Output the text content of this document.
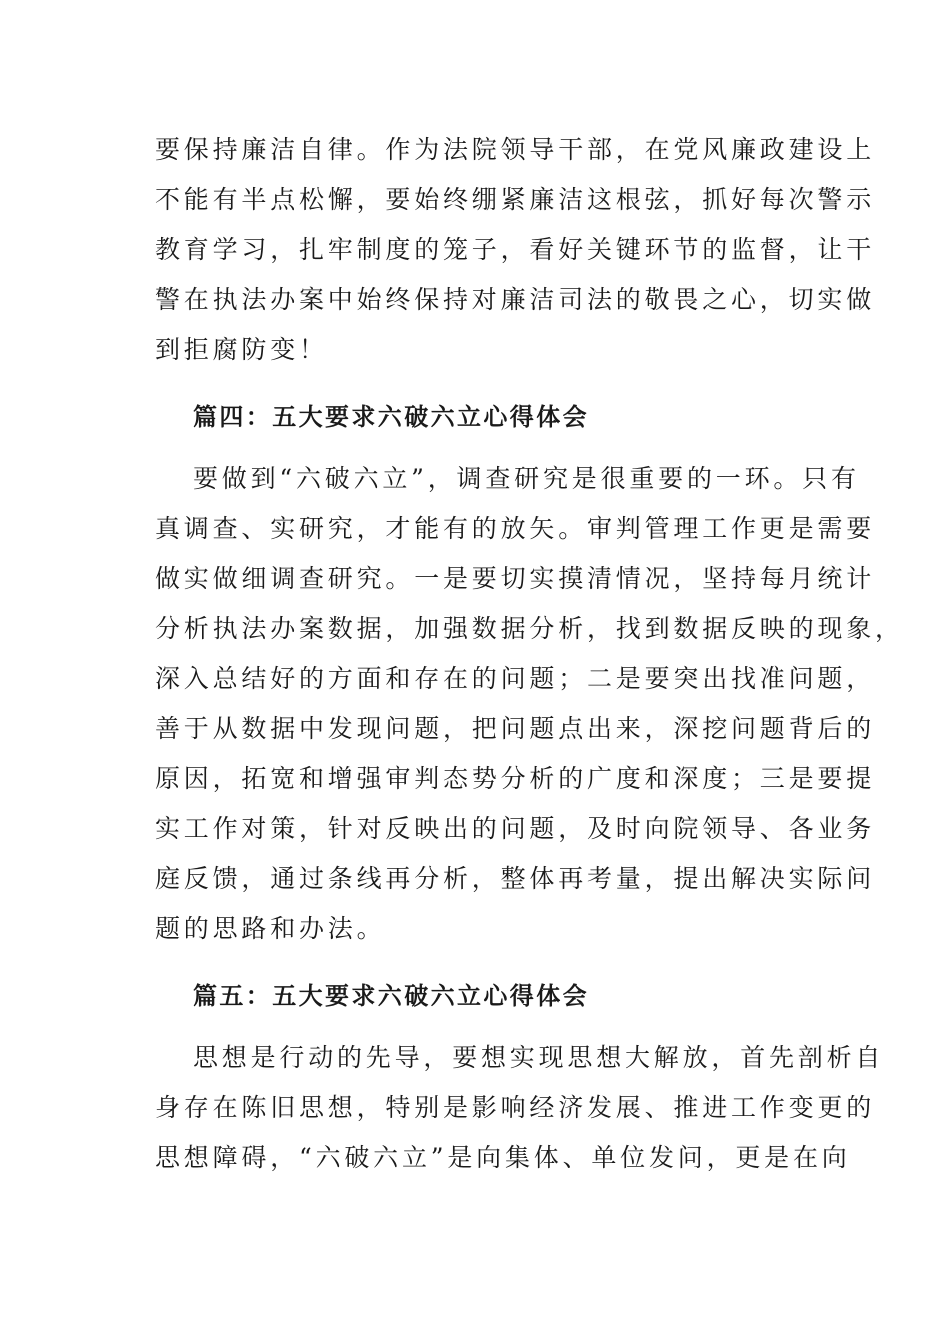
要保持廉洁自律。作为法院领导干部，在党风廉政建设上
不能有半点松懈，要始终绷紧廉洁这根弦，抓好每次警示
教育学习，扎牢制度的笼子，看好关键环节的监督，让干
警在执法办案中始终保持对廉洁司法的敬畏之心，切实做
到拒腐防变！
篇四：五大要求六破六立心得体会
要做到“六破六立”，调查研究是很重要的一环。只有
真调查、实研究，才能有的放矢。审判管理工作更是需要
做实做细调查研究。一是要切实摸清情况，坚持每月统计
分析执法办案数据，加强数据分析，找到数据反映的现象，
深入总结好的方面和存在的问题；二是要突出找准问题，
善于从数据中发现问题，把问题点出来，深挖问题背后的
原因，拓宽和增强审判态势分析的广度和深度；三是要提
实工作对策，针对反映出的问题，及时向院领导、各业务
庭反馈，通过条线再分析，整体再考量，提出解决实际问
题的思路和办法。
篇五：五大要求六破六立心得体会
思想是行动的先导，要想实现思想大解放，首先剖析自
身存在陈旧思想，特别是影响经济发展、推进工作变更的
思想障碍，“六破六立”是向集体、单位发问，更是在向
